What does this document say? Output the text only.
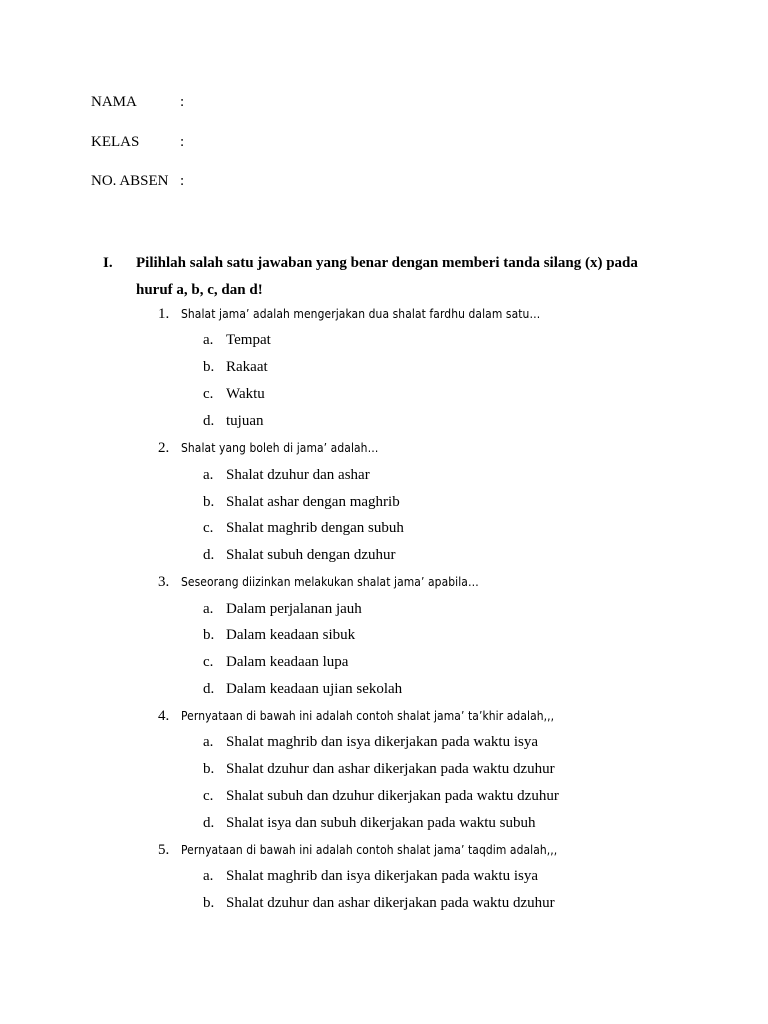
NAMA	:
KELAS	:
NO. ABSEN :
I. Pilihlah salah satu jawaban yang benar dengan memberi tanda silang (x) pada
huruf a, b, c, dan d!
1. Shalat jama’ adalah mengerjakan dua shalat fardhu dalam satu…
a. Tempat
b. Rakaat
c. Waktu
d. tujuan
2. Shalat yang boleh di jama’ adalah…
a. Shalat dzuhur dan ashar
b. Shalat ashar dengan maghrib
c. Shalat maghrib dengan subuh
d. Shalat subuh dengan dzuhur
3. Seseorang diizinkan melakukan shalat jama’ apabila…
a. Dalam perjalanan jauh
b. Dalam keadaan sibuk
c. Dalam keadaan lupa
d. Dalam keadaan ujian sekolah
4. Pernyataan di bawah ini adalah contoh shalat jama’ ta’khir adalah,,,
a. Shalat maghrib dan isya dikerjakan pada waktu isya
b. Shalat dzuhur dan ashar dikerjakan pada waktu dzuhur
c. Shalat subuh dan dzuhur dikerjakan pada waktu dzuhur
d. Shalat isya dan subuh dikerjakan pada waktu subuh
5. Pernyataan di bawah ini adalah contoh shalat jama’ taqdim adalah,,,
a. Shalat maghrib dan isya dikerjakan pada waktu isya
b. Shalat dzuhur dan ashar dikerjakan pada waktu dzuhur
